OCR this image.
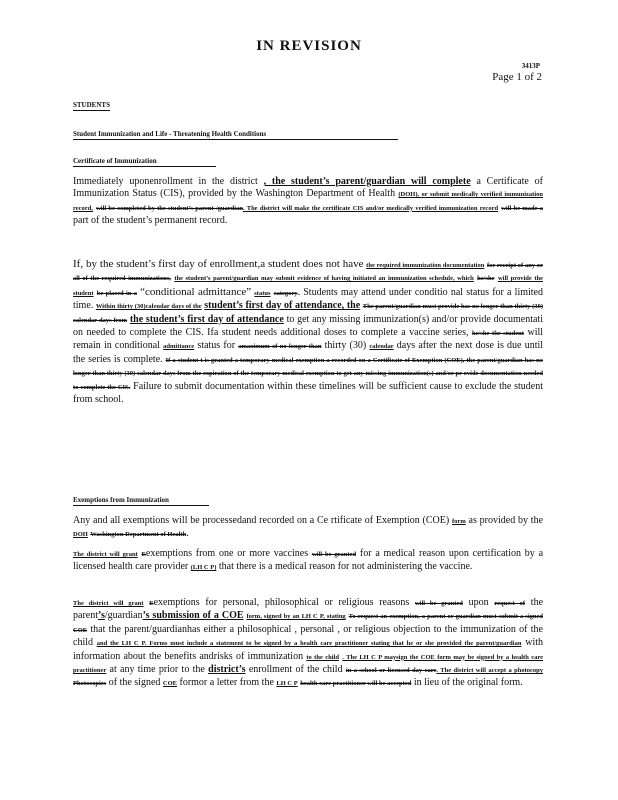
IN REVISION
3413P
Page 1 of 2
STUDENTS
Student Immunization and Life - Threatening Health Conditions
Certificate of Immunization
Immediately uponenrollment in the district , the student’s parent/guardian will complete a Certificate of Immunization Status (CIS), provided by the Washington Department of Health (DOH), or submit medically verified immunization record, will be completed by the student’s parent /guardian. The district will make the certificate CIS and/or medically verified immunization record will be made a part of the student’s permanent record.
If, by the student’s first day of enrollment,a student does not have the required immunization documentation for receipt of any or all of the required immunizations, the student’s parent/guardian may submit evidence of having initiated an immunization schedule, which he/she will provide the student be placed in a “conditional admittance” status category. Students may attend under conditio nal status for a limited time. Within thirty (30)calendar days of the student’s first day of attendance, the The parent/guardian must provide has no longer than thirty (30) calendar days from the student’s first day of attendance to get any missing immunization(s) and/or provide documentati on needed to complete the CIS. Ifa student needs additional doses to complete a vaccine series, he/she the student will remain in conditional admittance status for amaximum of no longer than thirty (30) calendar days after the next dose is due until the series is complete. If a student t is granted a temporary medical exemption a recorded on a Certificate of Exemption (COE), the parent/guardian has no longer than thirty (30) calendar days from the expiration of the temporary medical exemption to get any missing immunization(s) and/or pr ovide documentation needed to complete the CIS. Failure to submit documentation within these timelines will be sufficient cause to exclude the student from school.
Exemptions from Immunization
Any and all exemptions will be processedand recorded on a Ce rtificate of Exemption (COE) form as provided by the DOH Washington Department of Health.
The district will grant Eexemptions from one or more vaccines will be granted for a medical reason upon certification by a licensed health care provider (LH C P) that there is a medical reason for not administering the vaccine.
The district will grant Eexemptions for personal, philosophical or religious reasons will be granted upon request of the parent’s/guardian’s submission of a COE form, signed by an LH C P, stating To request an exemption, a parent or guardian must submit a signed COE that the parent/guardianhas either a philosophical , personal , or religious objection to the immunization of the child and the LH C P. Forms must include a statement to be signed by a health care practitioner stating that he or she provided the parent/guardian with information about the benefits andrisks of immunization to the child . The LH C P maysign the COE form may be signed by a health care practitioner at any time prior to the district’s enrollment of the child in a school or licensed day care. The district will accept a photocopy Photocopies of the signed COE formor a letter from the LH C P health care practitioner will be accepted in lieu of the original form.
